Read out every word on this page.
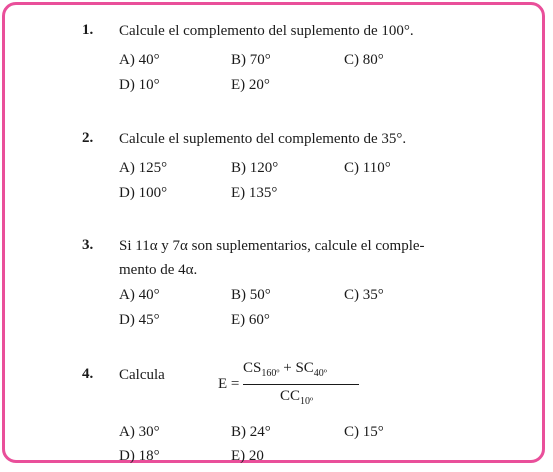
1. Calcule el complemento del suplemento de 100°.
A) 40°	B) 70°	C) 80°
D) 10°	E) 20°
2. Calcule el suplemento del complemento de 35°.
A) 125°	B) 120°	C) 110°
D) 100°	E) 135°
3. Si 11α y 7α son suplementarios, calcule el comple-mento de 4α.
A) 40°	B) 50°	C) 35°
D) 45°	E) 60°
4. Calcula
E =
$CS_{160º} + SC_{40º}$
$CC_{10º}$
A) 30°	B) 24°	C) 15°
D) 18°	E) 20
